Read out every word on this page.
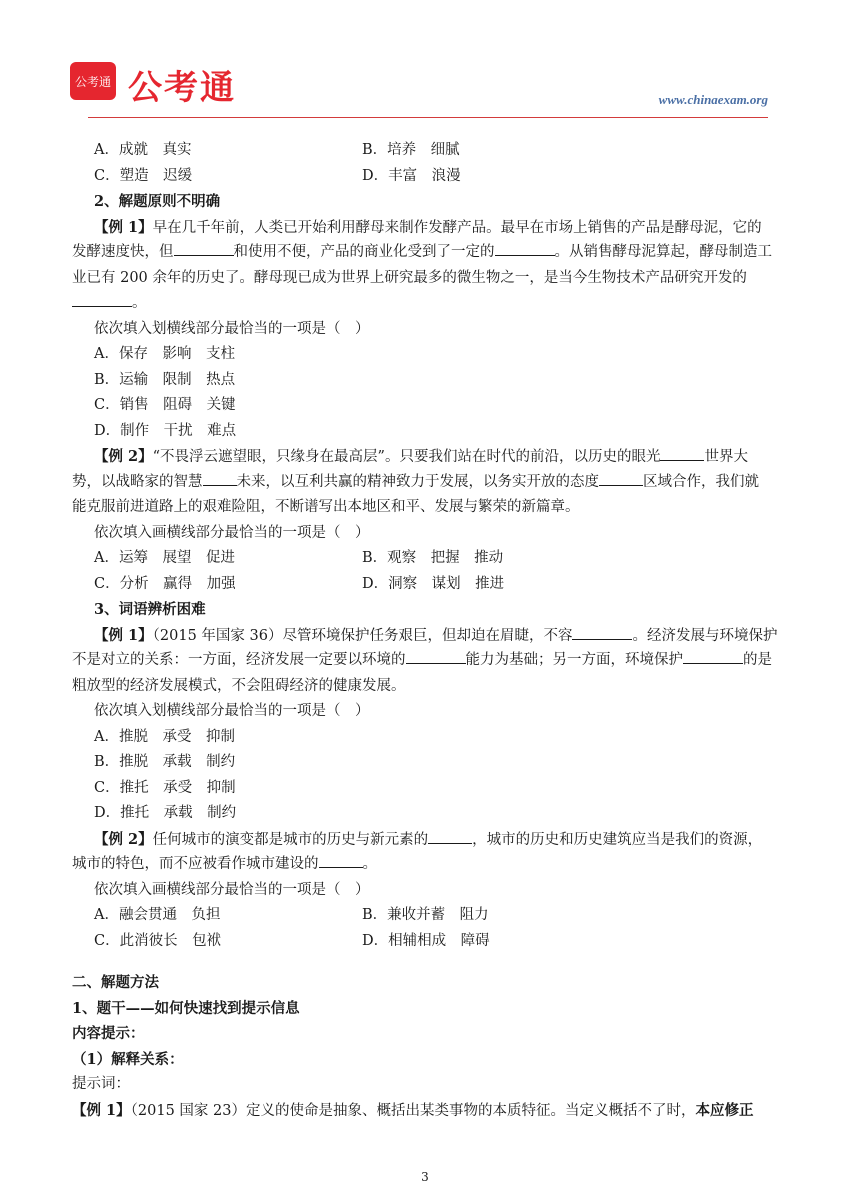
公考通 公考通	www.chinaexam.org
A．成就　真实	B．培养　细腻
C．塑造　迟缓	D．丰富　浪漫
2、解题原则不明确
【例 1】早在几千年前，人类已开始利用酵母来制作发酵产品。最早在市场上销售的产品是酵母泥，它的
发酵速度快，但	和使用不便，产品的商业化受到了一定的	。从销售酵母泥算起，酵母制造工
业已有 200 余年的历史了。酵母现已成为世界上研究最多的微生物之一，是当今生物技术产品研究开发的
。
依次填入划横线部分最恰当的一项是（　）
A．保存　影响　支柱
B．运输　限制　热点
C．销售　阻碍　关键
D．制作　干扰　难点
【例 2】“不畏浮云遮望眼，只缘身在最高层”。只要我们站在时代的前沿，以历史的眼光	世界大
势，以战略家的智慧 未来，以互利共赢的精神致力于发展，以务实开放的态度	区域合作，我们就
能克服前进道路上的艰难险阻，不断谱写出本地区和平、发展与繁荣的新篇章。
依次填入画横线部分最恰当的一项是（　）
A．运筹　展望　促进	B．观察　把握　推动
C．分析　赢得　加强	D．洞察　谋划　推进
3、词语辨析困难
【例 1】（2015 年国家 36）尽管环境保护任务艰巨，但却迫在眉睫，不容	。经济发展与环境保护
不是对立的关系：一方面，经济发展一定要以环境的	能力为基础；另一方面，环境保护	的是
粗放型的经济发展模式，不会阻碍经济的健康发展。
依次填入划横线部分最恰当的一项是（　）
A．推脱　承受　抑制
B．推脱　承载　制约
C．推托　承受　抑制
D．推托　承载　制约
【例 2】任何城市的演变都是城市的历史与新元素的	，城市的历史和历史建筑应当是我们的资源，
城市的特色，而不应被看作城市建设的	。
依次填入画横线部分最恰当的一项是（　）
A．融会贯通　负担	B．兼收并蓄　阻力
C．此消彼长　包袱	D．相辅相成　障碍
二、解题方法
1、题干——如何快速找到提示信息
内容提示：
（1）解释关系：
提示词：
【例 1】（2015 国家 23）定义的使命是抽象、概括出某类事物的本质特征。当定义概括不了时，本应修正
3
